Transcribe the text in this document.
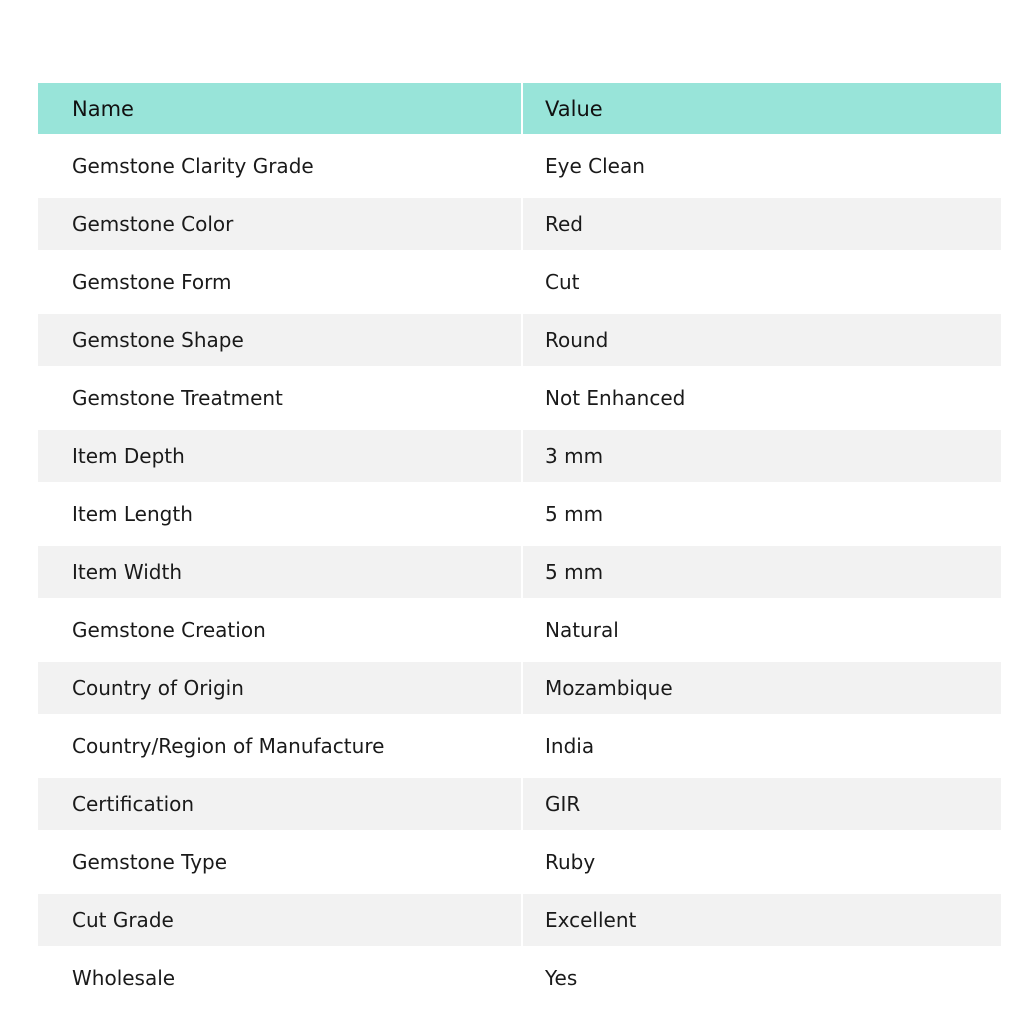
Name	Value
Gemstone Clarity Grade	Eye Clean
Gemstone Color	Red
Gemstone Form	Cut
Gemstone Shape	Round
Gemstone Treatment	Not Enhanced
Item Depth	3 mm
Item Length	5 mm
Item Width	5 mm
Gemstone Creation	Natural
Country of Origin	Mozambique
Country/Region of Manufacture	India
Certification	GIR
Gemstone Type	Ruby
Cut Grade	Excellent
Wholesale	Yes
